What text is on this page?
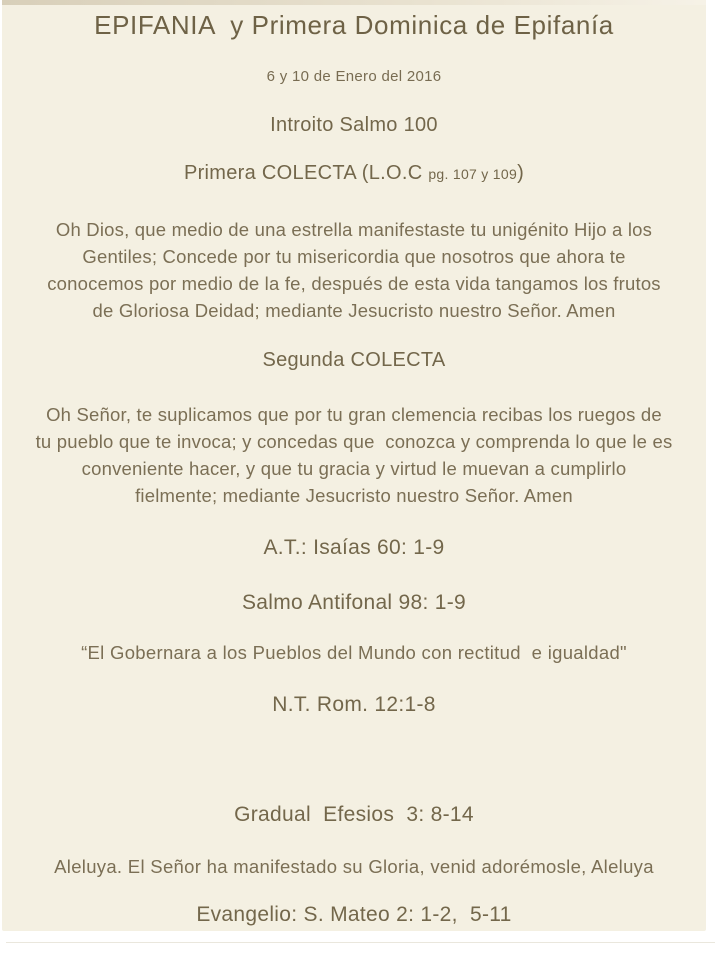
EPIFANIA  y Primera Dominica de Epifanía
6 y 10 de Enero del 2016
Introito Salmo 100
Primera COLECTA (L.O.C pg. 107 y 109)
Oh Dios, que medio de una estrella manifestaste tu unigénito Hijo a los
Gentiles; Concede por tu misericordia que nosotros que ahora te
conocemos por medio de la fe, después de esta vida tangamos los frutos
de Gloriosa Deidad; mediante Jesucristo nuestro Señor. Amen
Segunda COLECTA
Oh Señor, te suplicamos que por tu gran clemencia recibas los ruegos de
tu pueblo que te invoca; y concedas que  conozca y comprenda lo que le es
conveniente hacer, y que tu gracia y virtud le muevan a cumplirlo
fielmente; mediante Jesucristo nuestro Señor. Amen
A.T.: Isaías 60: 1-9
Salmo Antifonal 98: 1-9
“El Gobernara a los Pueblos del Mundo con rectitud  e igualdad"
N.T. Rom. 12:1-8
Gradual  Efesios  3: 8-14
Aleluya. El Señor ha manifestado su Gloria, venid adorémosle, Aleluya
Evangelio: S. Mateo 2: 1-2,  5-11
